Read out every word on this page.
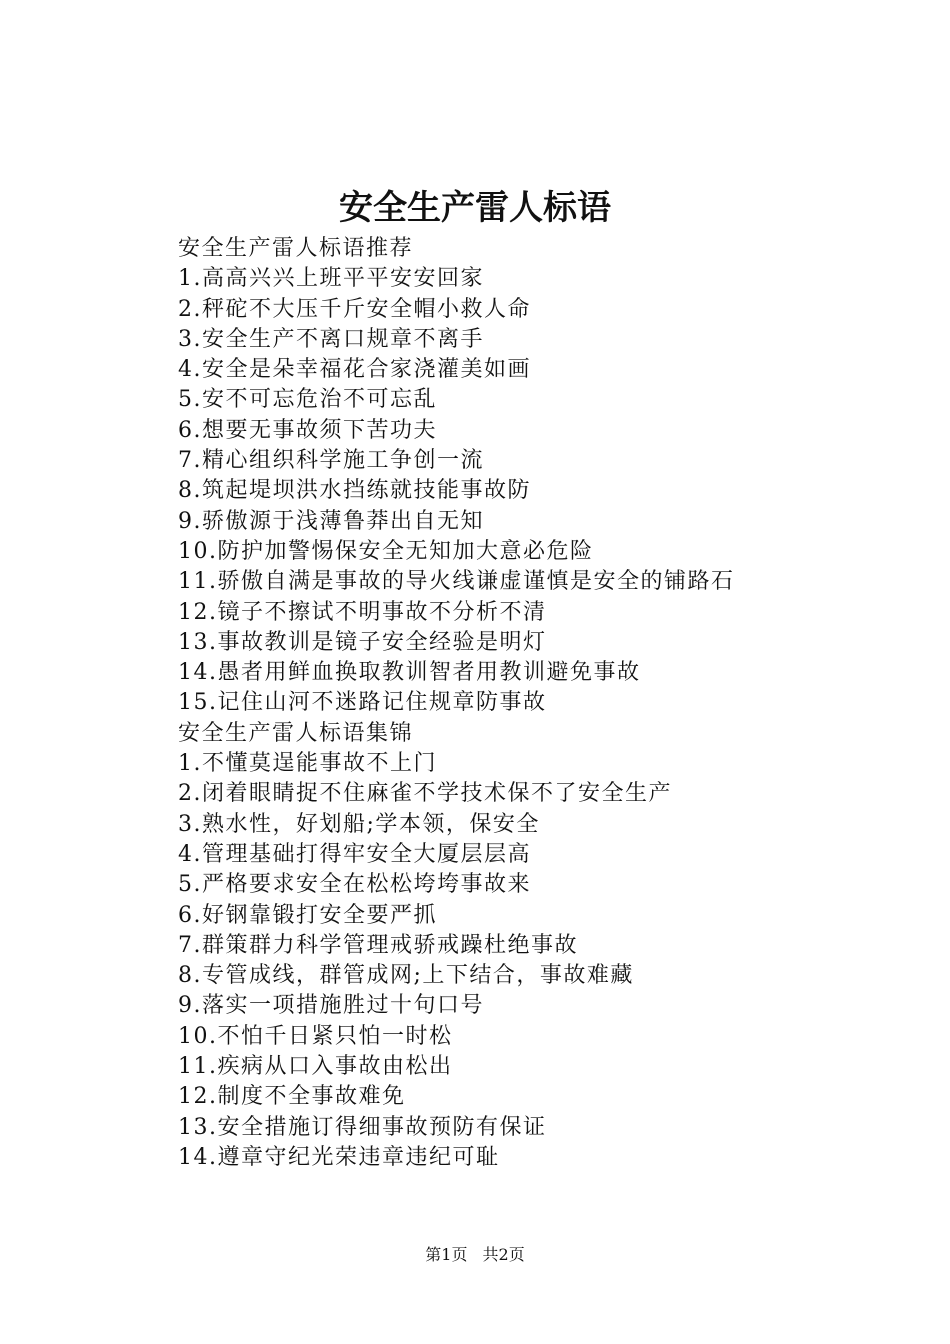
安全生产雷人标语
安全生产雷人标语推荐
1.高高兴兴上班平平安安回家
2.秤砣不大压千斤安全帽小救人命
3.安全生产不离口规章不离手
4.安全是朵幸福花合家浇灌美如画
5.安不可忘危治不可忘乱
6.想要无事故须下苦功夫
7.精心组织科学施工争创一流
8.筑起堤坝洪水挡练就技能事故防
9.骄傲源于浅薄鲁莽出自无知
10.防护加警惕保安全无知加大意必危险
11.骄傲自满是事故的导火线谦虚谨慎是安全的铺路石
12.镜子不擦试不明事故不分析不清
13.事故教训是镜子安全经验是明灯
14.愚者用鲜血换取教训智者用教训避免事故
15.记住山河不迷路记住规章防事故
安全生产雷人标语集锦
1.不懂莫逞能事故不上门
2.闭着眼睛捉不住麻雀不学技术保不了安全生产
3.熟水性，好划船;学本领，保安全
4.管理基础打得牢安全大厦层层高
5.严格要求安全在松松垮垮事故来
6.好钢靠锻打安全要严抓
7.群策群力科学管理戒骄戒躁杜绝事故
8.专管成线，群管成网;上下结合，事故难藏
9.落实一项措施胜过十句口号
10.不怕千日紧只怕一时松
11.疾病从口入事故由松出
12.制度不全事故难免
13.安全措施订得细事故预防有保证
14.遵章守纪光荣违章违纪可耻
第1页 共2页
